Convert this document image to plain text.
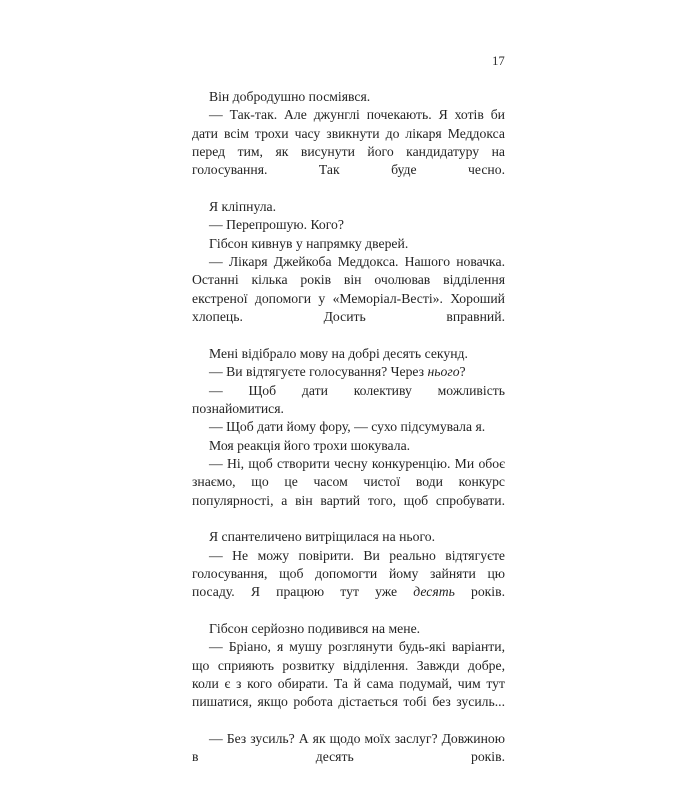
17

Він добродушно посміявся.

— Так-так. Але джунглі почекають. Я хотів би дати всім трохи часу звикнути до лікаря Меддокса перед тим, як висунути його кандидатуру на голосування. Так буде чесно.

Я кліпнула.

— Перепрошую. Кого?

Гібсон кивнув у напрямку дверей.

— Лікаря Джейкоба Меддокса. Нашого новачка. Останні кілька років він очолював відділення екстреної допомоги у «Меморіал-Весті». Хороший хлопець. Досить вправний.

Мені відібрало мову на добрі десять секунд.

— Ви відтягуєте голосування? Через нього?

— Щоб дати колективу можливість познайомитися.

— Щоб дати йому фору, — сухо підсумувала я.

Моя реакція його трохи шокувала.

— Ні, щоб створити чесну конкуренцію. Ми обоє знаємо, що це часом чистої води конкурс популярності, а він вартий того, щоб спробувати.

Я спантеличено витріщилася на нього.

— Не можу повірити. Ви реально відтягуєте голосування, щоб допомогти йому зайняти цю посаду. Я працюю тут уже десять років.

Гібсон серйозно подивився на мене.

— Бріано, я мушу розглянути будь-які варіанти, що сприяють розвитку відділення. Завжди добре, коли є з кого обирати. Та й сама подумай, чим тут пишатися, якщо робота дістається тобі без зусиль...

— Без зусиль? А як щодо моїх заслуг? Довжиною в десять років.
